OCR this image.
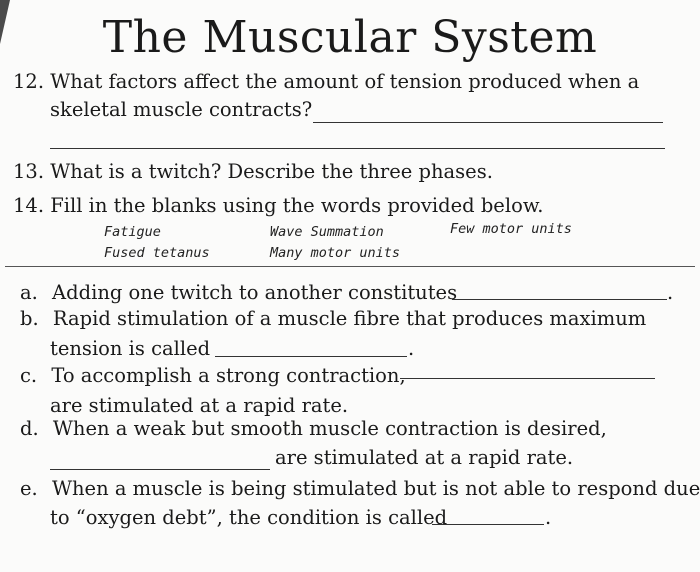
The Muscular System
12. What factors affect the amount of tension produced when a
skeletal muscle contracts?
13. What is a twitch? Describe the three phases.
14. Fill in the blanks using the words provided below.
Fatigue	Wave Summation	Few motor units
Fused tetanus	Many motor units
a. Adding one twitch to another constitutes	.
b. Rapid stimulation of a muscle fibre that produces maximum
tension is called	.
c. To accomplish a strong contraction,
are stimulated at a rapid rate.
d. When a weak but smooth muscle contraction is desired,
are stimulated at a rapid rate.
e. When a muscle is being stimulated but is not able to respond due
to “oxygen debt”, the condition is called	.
